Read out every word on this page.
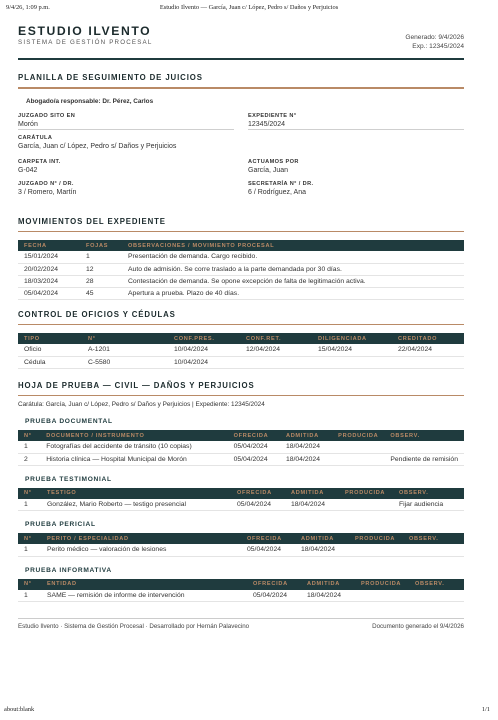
9/4/26, 1:09 p.m.	Estudio Ilvento — García, Juan c/ López, Pedro s/ Daños y Perjuicios
ESTUDIO ILVENTO
SISTEMA DE GESTIÓN PROCESAL
Generado: 9/4/2026
Exp.: 12345/2024
PLANILLA DE SEGUIMIENTO DE JUICIOS
Abogado/a responsable: Dr. Pérez, Carlos
JUZGADO SITO EN
Morón
EXPEDIENTE N°
12345/2024
CARÁTULA
García, Juan c/ López, Pedro s/ Daños y Perjuicios
CARPETA INT.
G-042
ACTUAMOS POR
García, Juan
JUZGADO N° / DR.
3 / Romero, Martín
SECRETARÍA N° / DR.
6 / Rodríguez, Ana
MOVIMIENTOS DEL EXPEDIENTE
FECHA	FOJAS	OBSERVACIONES / MOVIMIENTO PROCESAL
15/01/2024	1	Presentación de demanda. Cargo recibido.
20/02/2024	12	Auto de admisión. Se corre traslado a la parte demandada por 30 días.
18/03/2024	28	Contestación de demanda. Se opone excepción de falta de legitimación activa.
05/04/2024	45	Apertura a prueba. Plazo de 40 días.
CONTROL DE OFICIOS Y CÉDULAS
TIPO	N°	CONF.PRES.	CONF.RET.	DILIGENCIADA	CREDITADO
Oficio	A-1201	10/04/2024	12/04/2024	15/04/2024	22/04/2024
Cédula	C-5580	10/04/2024			
HOJA DE PRUEBA — CIVIL — DAÑOS Y PERJUICIOS
Carátula: García, Juan c/ López, Pedro s/ Daños y Perjuicios | Expediente: 12345/2024
PRUEBA DOCUMENTAL
N°	DOCUMENTO / INSTRUMENTO	OFRECIDA	ADMITIDA	PRODUCIDA	OBSERV.
1	Fotografías del accidente de tránsito (10 copias)	05/04/2024	18/04/2024		
2	Historia clínica — Hospital Municipal de Morón	05/04/2024	18/04/2024		Pendiente de remisión
PRUEBA TESTIMONIAL
N°	TESTIGO	OFRECIDA	ADMITIDA	PRODUCIDA	OBSERV.
1	González, Mario Roberto — testigo presencial	05/04/2024	18/04/2024		Fijar audiencia
PRUEBA PERICIAL
N°	PERITO / ESPECIALIDAD	OFRECIDA	ADMITIDA	PRODUCIDA	OBSERV.
1	Perito médico — valoración de lesiones	05/04/2024	18/04/2024		
PRUEBA INFORMATIVA
N°	ENTIDAD	OFRECIDA	ADMITIDA	PRODUCIDA	OBSERV.
1	SAME — remisión de informe de intervención	05/04/2024	18/04/2024		
Estudio Ilvento · Sistema de Gestión Procesal · Desarrollado por Hernán Palavecino	Documento generado el 9/4/2026
about:blank	1/1
